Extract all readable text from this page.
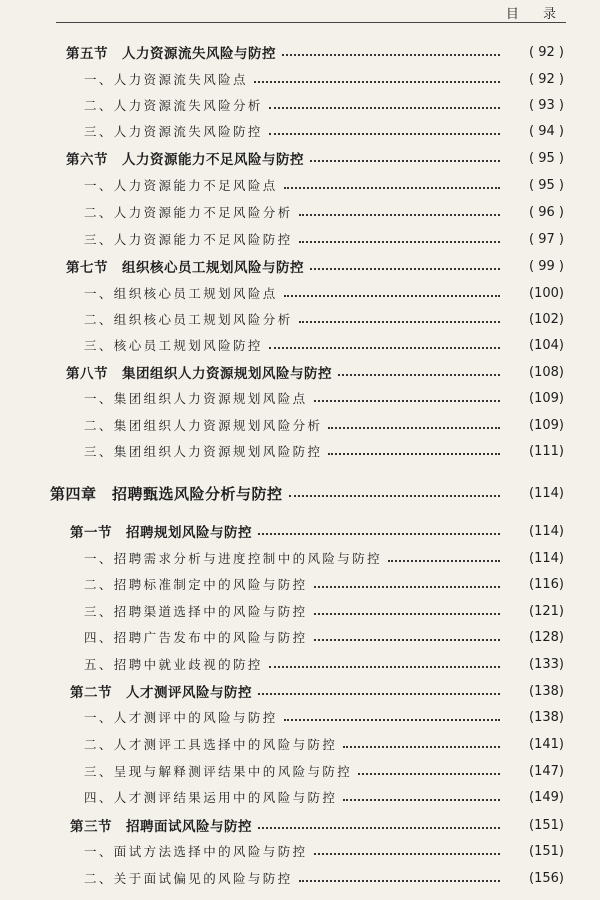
目 录
第五节　人力资源流失风险与防控	( 92 )
一、人力资源流失风险点	( 92 )
二、人力资源流失风险分析	( 93 )
三、人力资源流失风险防控	( 94 )
第六节　人力资源能力不足风险与防控	( 95 )
一、人力资源能力不足风险点	( 95 )
二、人力资源能力不足风险分析	( 96 )
三、人力资源能力不足风险防控	( 97 )
第七节　组织核心员工规划风险与防控	( 99 )
一、组织核心员工规划风险点	(100)
二、组织核心员工规划风险分析	(102)
三、核心员工规划风险防控	(104)
第八节　集团组织人力资源规划风险与防控	(108)
一、集团组织人力资源规划风险点	(109)
二、集团组织人力资源规划风险分析	(109)
三、集团组织人力资源规划风险防控	(111)
第四章　招聘甄选风险分析与防控	(114)
第一节　招聘规划风险与防控	(114)
一、招聘需求分析与进度控制中的风险与防控	(114)
二、招聘标准制定中的风险与防控	(116)
三、招聘渠道选择中的风险与防控	(121)
四、招聘广告发布中的风险与防控	(128)
五、招聘中就业歧视的防控	(133)
第二节　人才测评风险与防控	(138)
一、人才测评中的风险与防控	(138)
二、人才测评工具选择中的风险与防控	(141)
三、呈现与解释测评结果中的风险与防控	(147)
四、人才测评结果运用中的风险与防控	(149)
第三节　招聘面试风险与防控	(151)
一、面试方法选择中的风险与防控	(151)
二、关于面试偏见的风险与防控	(156)
